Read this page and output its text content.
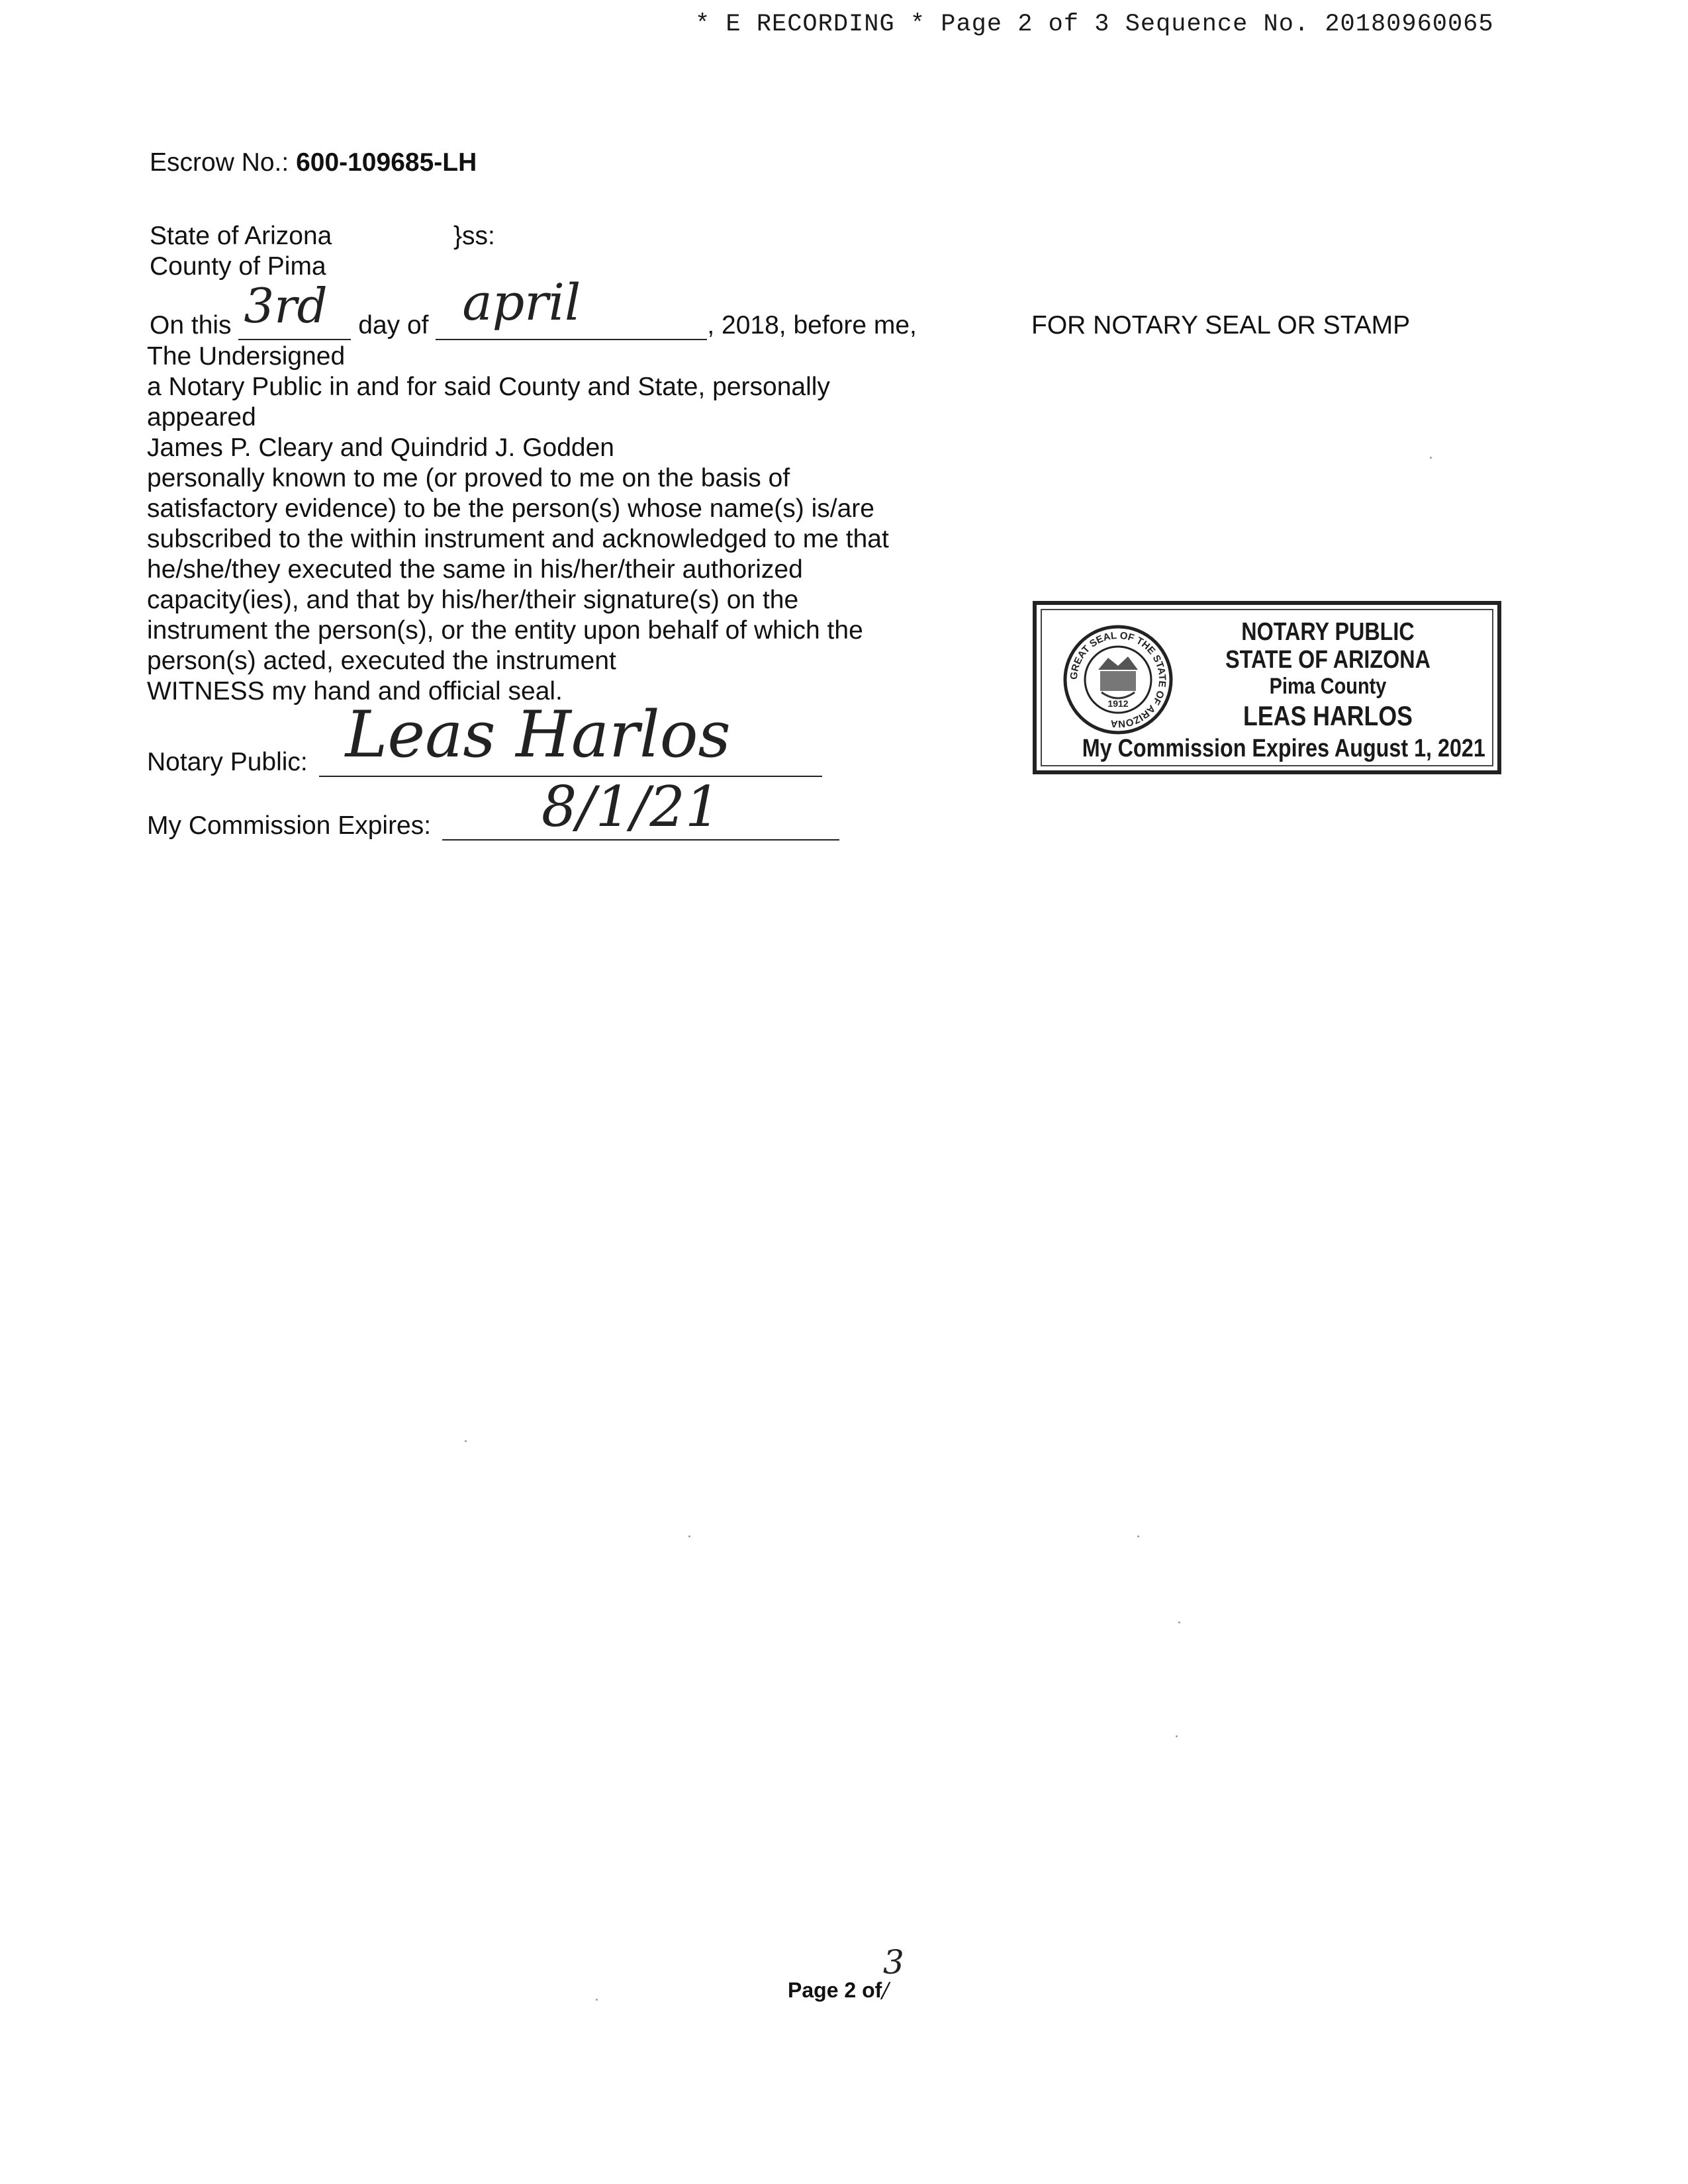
* E RECORDING * Page 2 of 3 Sequence No. 20180960065
Escrow No.: 600-109685-LH
State of Arizona	}ss:
County of Pima
On this 3rd day of april	, 2018, before me,	FOR NOTARY SEAL OR STAMP
The Undersigned
a Notary Public in and for said County and State, personally
appeared
James P. Cleary and Quindrid J. Godden
personally known to me (or proved to me on the basis of
satisfactory evidence) to be the person(s) whose name(s) is/are
subscribed to the within instrument and acknowledged to me that
he/she/they executed the same in his/her/their authorized
capacity(ies), and that by his/her/their signature(s) on the
instrument the person(s), or the entity upon behalf of which the
person(s) acted, executed the instrument
WITNESS my hand and official seal.
Notary Public: Leas Harlos
My Commission Expires: 8/1/21
GREAT SEAL OF THE STATE OF ARIZONA
1912
NOTARY PUBLIC
STATE OF ARIZONA
Pima County
LEAS HARLOS
My Commission Expires August 1, 2021
3
Page 2 of/
